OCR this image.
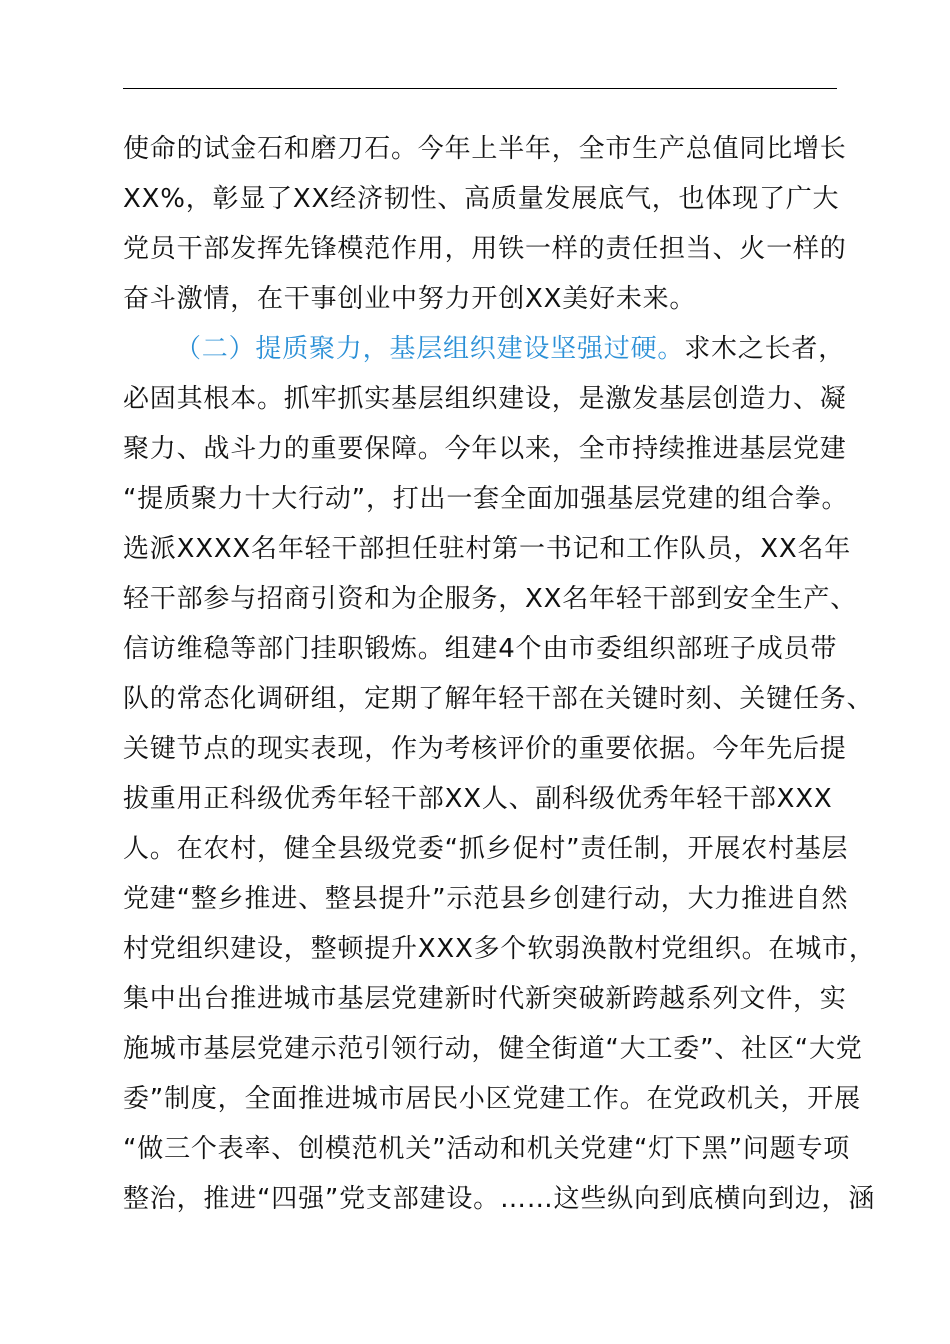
使命的试金石和磨刀石。今年上半年，全市生产总值同比增长
XX%，彰显了XX经济韧性、高质量发展底气，也体现了广大
党员干部发挥先锋模范作用，用铁一样的责任担当、火一样的
奋斗激情，在干事创业中努力开创XX美好未来。
（二）提质聚力，基层组织建设坚强过硬。求木之长者，
必固其根本。抓牢抓实基层组织建设，是激发基层创造力、凝
聚力、战斗力的重要保障。今年以来，全市持续推进基层党建
“提质聚力十大行动”，打出一套全面加强基层党建的组合拳。
选派XXXX名年轻干部担任驻村第一书记和工作队员，XX名年
轻干部参与招商引资和为企服务，XX名年轻干部到安全生产、
信访维稳等部门挂职锻炼。组建4个由市委组织部班子成员带
队的常态化调研组，定期了解年轻干部在关键时刻、关键任务、
关键节点的现实表现，作为考核评价的重要依据。今年先后提
拔重用正科级优秀年轻干部XX人、副科级优秀年轻干部XXX
人。在农村，健全县级党委“抓乡促村”责任制，开展农村基层
党建“整乡推进、整县提升”示范县乡创建行动，大力推进自然
村党组织建设，整顿提升XXX多个软弱涣散村党组织。在城市，
集中出台推进城市基层党建新时代新突破新跨越系列文件，实
施城市基层党建示范引领行动，健全街道“大工委”、社区“大党
委”制度，全面推进城市居民小区党建工作。在党政机关，开展
“做三个表率、创模范机关”活动和机关党建“灯下黑”问题专项
整治，推进“四强”党支部建设。……这些纵向到底横向到边，涵
